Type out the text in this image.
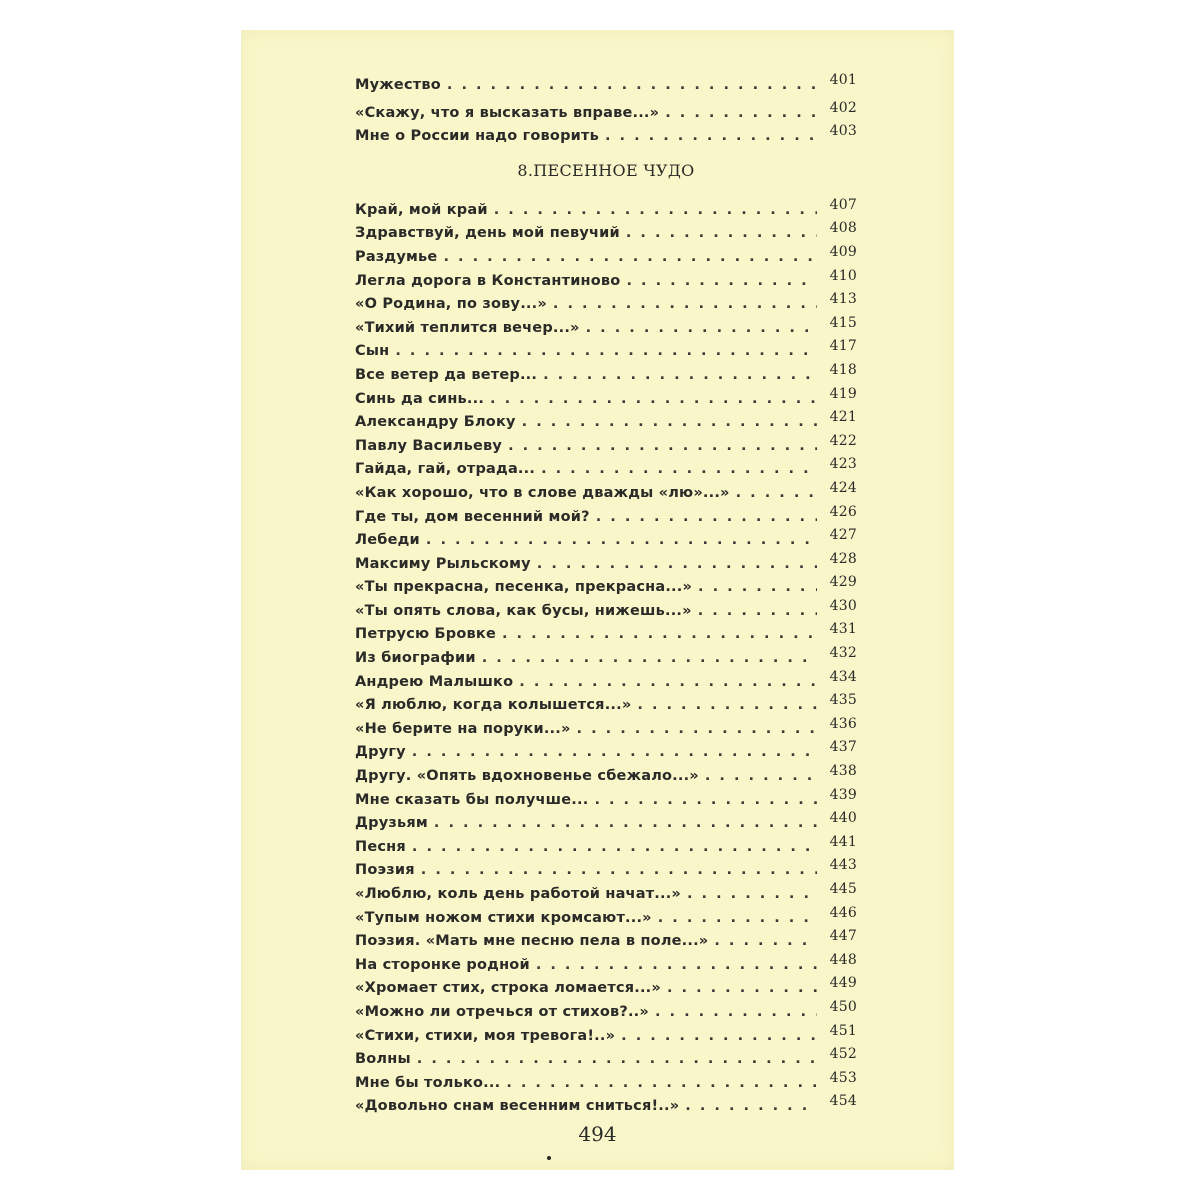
Мужество . . .	401
«Скажу, что я высказать вправе...» . . .	402
Мне о России надо говорить . . .	403
8.ПЕСЕННОЕ ЧУДО
Край, мой край . . .	407
Здравствуй, день мой певучий . . .	408
Раздумье . . .	409
Легла дорога в Константиново . . .	410
«О Родина, по зову...» . . .	413
«Тихий теплится вечер...» . . .	415
Сын . . .	417
Все ветер да ветер... . . .	418
Синь да синь... . . .	419
Александру Блоку . . .	421
Павлу Васильеву . . .	422
Гайда, гай, отрада... . . .	423
«Как хорошо, что в слове дважды «лю»...» . . .	424
Где ты, дом весенний мой? . . .	426
Лебеди . . .	427
Максиму Рыльскому . . .	428
«Ты прекрасна, песенка, прекрасна...» . . .	429
«Ты опять слова, как бусы, нижешь...» . . .	430
Петрусю Бровке . . .	431
Из биографии . . .	432
Андрею Малышко . . .	434
«Я люблю, когда колышется...» . . .	435
«Не берите на поруки...» . . .	436
Другу . . .	437
Другу. «Опять вдохновенье сбежало...» . . .	438
Мне сказать бы получше... . . .	439
Друзьям . . .	440
Песня . . .	441
Поэзия . . .	443
«Люблю, коль день работой начат...» . . .	445
«Тупым ножом стихи кромсают...» . . .	446
Поэзия. «Мать мне песню пела в поле...» . . .	447
На сторонке родной . . .	448
«Хромает стих, строка ломается...» . . .	449
«Можно ли отречься от стихов?..» . . .	450
«Стихи, стихи, моя тревога!..» . . .	451
Волны . . .	452
Мне бы только... . . .	453
«Довольно снам весенним сниться!..» . . .	454
494
